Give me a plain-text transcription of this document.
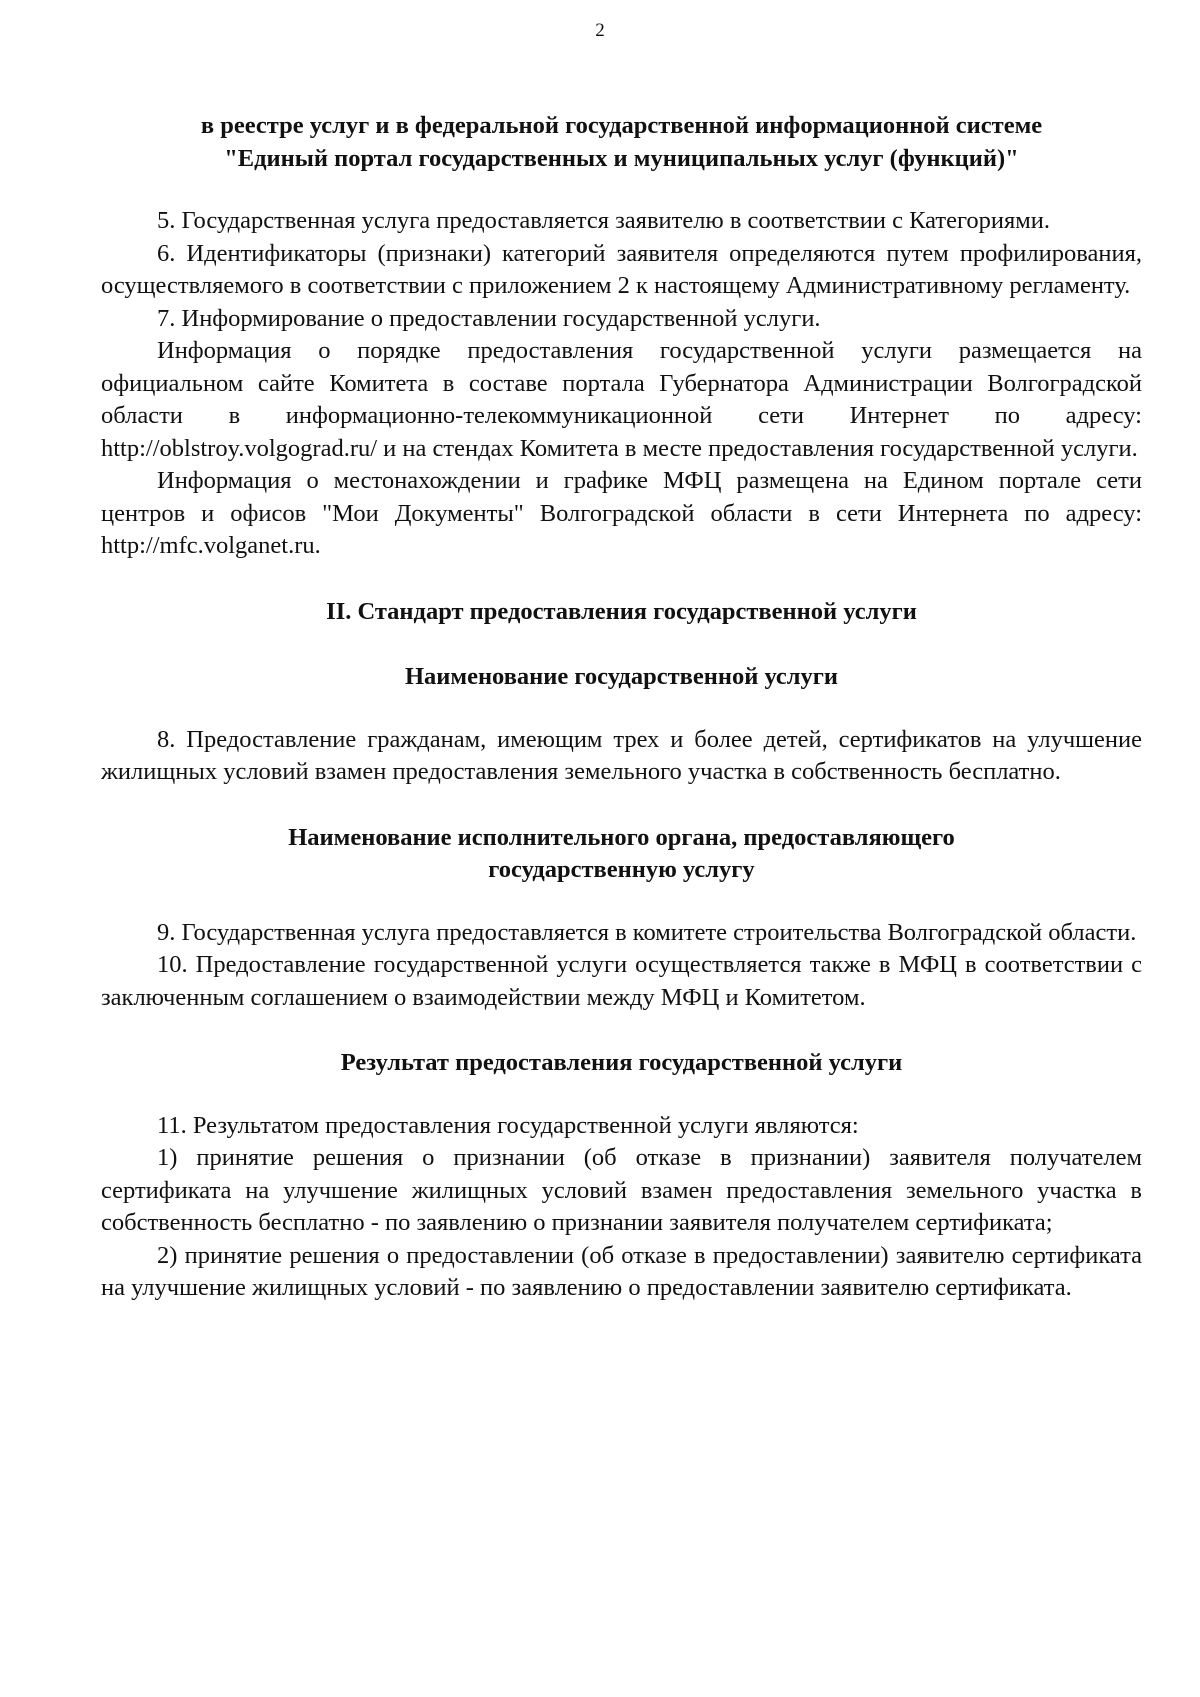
2
в реестре услуг и в федеральной государственной информационной системе
"Единый портал государственных и муниципальных услуг (функций)"

5. Государственная услуга предоставляется заявителю в соответствии с Категориями.

6. Идентификаторы (признаки) категорий заявителя определяются путем профилирования, осуществляемого в соответствии с приложением 2 к настоящему Административному регламенту.

7. Информирование о предоставлении государственной услуги.

Информация о порядке предоставления государственной услуги размещается на официальном сайте Комитета в составе портала Губернатора Администрации Волгоградской области в информационно-телекоммуникационной сети Интернет по адресу: http://oblstroy.volgograd.ru/ и на стендах Комитета в месте предоставления государственной услуги.

Информация о местонахождении и графике МФЦ размещена на Едином портале сети центров и офисов "Мои Документы" Волгоградской области в сети Интернета по адресу: http://mfc.volganet.ru.

II. Стандарт предоставления государственной услуги
Наименование государственной услуги

8. Предоставление гражданам, имеющим трех и более детей, сертификатов на улучшение жилищных условий взамен предоставления земельного участка в собственность бесплатно.

Наименование исполнительного органа, предоставляющего
государственную услугу

9. Государственная услуга предоставляется в комитете строительства Волгоградской области.

10. Предоставление государственной услуги осуществляется также в МФЦ в соответствии с заключенным соглашением о взаимодействии между МФЦ и Комитетом.

Результат предоставления государственной услуги

11. Результатом предоставления государственной услуги являются:

1) принятие решения о признании (об отказе в признании) заявителя получателем сертификата на улучшение жилищных условий взамен предоставления земельного участка в собственность бесплатно - по заявлению о признании заявителя получателем сертификата;

2) принятие решения о предоставлении (об отказе в предоставлении) заявителю сертификата на улучшение жилищных условий - по заявлению о предоставлении заявителю сертификата.
